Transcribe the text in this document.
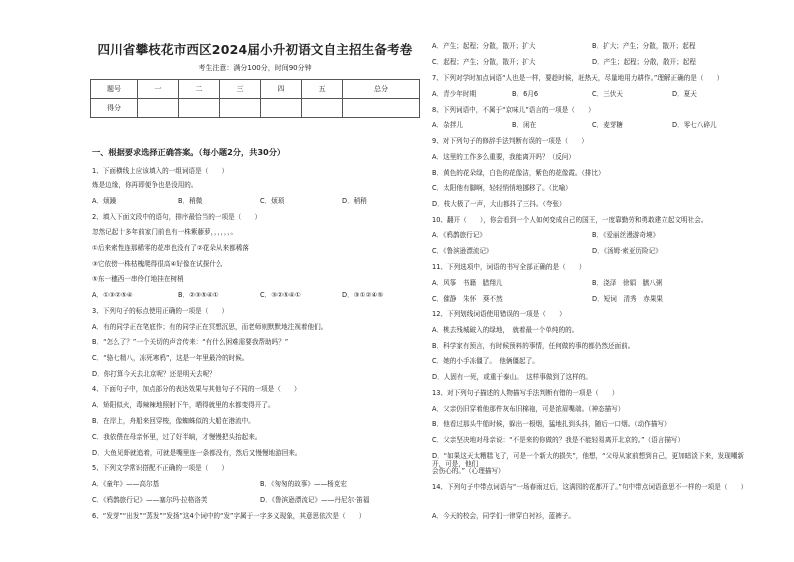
四川省攀枝花市西区2024届小升初语文自主招生备考卷
考生注意：满分100分，时间90分钟
题号	一	二	三	四	五	总分
得分						
一、根据要求选择正确答案。（每小题2分，共30分）
1、下面横线上应该填入的一组词语是（　　）
炼是边缘，你再即便争也是没用的。
A．烦躁	B．稍微	C．烦琐	D．稍稍
2、填入下面文段中的语句，排序最恰当的一项是（　　）
忽然记起十多年前家门前也有一株紫藤萝，，，，，，。
①后来索性连那稀零的花串也没有了②花朵从来都稀落
③它依傍一株枯槐爬得很高④好像在试探什么
⑤东一穗西一串伶仃地挂在树梢
A．①③②⑤④	B．②③⑤④①	C．③②⑤④①	D．③①②④⑤
3、下列句子的标点使用正确的一项是（　　）
A．有的同学正在笔底作；有的同学正在冥想沉思，而老师则默默地注视着他们。
B．“怎么了？”一个关切的声音传来：“有什么困难需要我帮助吗？”
C．“骆七精八，冻死寒鸦”，这是一年里最冷的时候。
D．你打算今天去北京呢？还是明天去呢？
4、下面句子中，加点部分的表达效果与其他句子不同的一项是（　　）
A．矫阳似火，毒辣辣地照射下午，晒得就里的水都变得开了。
B．在岸上，舟船来回穿梭，像蜘蛛似的大船在港流中。
C．我依偎在母亲怀里，过了好半晌，才慢慢把头抬起来。
D．大鱼见虾就追着，可就是嘴里连一条都没有，然后又慢慢地游回来。
5、下列文学常识搭配不正确的一项是（　　）
A．《童年》——高尔基	B．《匆匆的故事》——杨克宏
C．《鸦鹊旅行记》——塞尔玛·拉格洛芙	D．《鲁滨逊漂流记》——丹尼尔·笛福
6、“发芽”“出发”“蒸发”“发扬”这4个词中的“发”字属于一字多义现象，其意思依次是（　　）
A．产生；起程；分散，散开；扩大	B．扩大；产生；分散，散开；起程
C．起程；产生；分散，散开；扩大	D．产生；起程；分散，散开；起程
7、下列对学时加点词语“人也是一样，要趁时候，赶热天，尽量地用力耕作。”理解正确的是（　　）
A．青少年时期	B．6月6	C．三伏天	D．夏天
8、下列词语中，不属于“京味儿”语言的一项是（　　）
A．杂拌儿	B．闲在	C．麦芽糖	D．零七八碎儿
9、对下列句子的修辞手法判断有误的一项是（　　）
A．这里的工作多么重要，我能离开吗？（反问）
B．黄色的花朵绿，白色的花像洁，紫色的花像霞。（排比）
C．太阳他有脚啊，轻轻悄悄地挪移了。（比喻）
D．枝大极了一声，大山都抖了三抖。（夸张）
10、翻开（　　），你会看到一个人如何变成自己的国王，一度靠勤劳和勇敢建立起文明社会。
A．《鸦鹊旅行记》	B．《爱丽丝漫游奇境》
C．《鲁滨逊漂流记》	D．《汤姆·索亚历险记》
11、下列选项中，词语的书写全部正确的是（　　）
A．风筝　书籍　腊翔儿	B．浇泽　徐娟　膳八粥
C．催静　朱怀　葵不然	D．短词　清秀　赤果果
12、下列划线词语使用错误的一项是（　　）
A．桃去残城破入的绿地，　就着最一个单纯的的。
B．科学家有预言，有时候预料的事情，任何做的事的都仍然还面前。
C．她的小手冻僵了。　他俩僵起了。
D．人固有一死，或重于泰山。　这样事做到了这样的。
13、对下列句子描述的人物描写手法判断有错的一项是（　　）
A．父亲仍旧穿着他那件灰布旧棉袍，可是浓眉嘴端。（神态描写）
B．他看过那头牛船时候，躲出一根烟，猛地扎到头抖，随后一口烟。（动作描写）
C．父亲坚决地对母亲说：“不是来的你做的？我是不能轻易离开北京的。”（语言描写）
D．“如果这天太糟糕飞了，可是一个新大的损失”，他想，“父母从家前想到自己，更加暗淡下来，发现嘲新开，可是，他们
会伤心的。”（心理描写）
14、下列句子中带点词语与“一场春雨过后，这满园的花都开了。”句中带点词语意思不一样的一项是（　　）
A．今天的校会，同学们一律穿白衬衫，蓝裤子。
